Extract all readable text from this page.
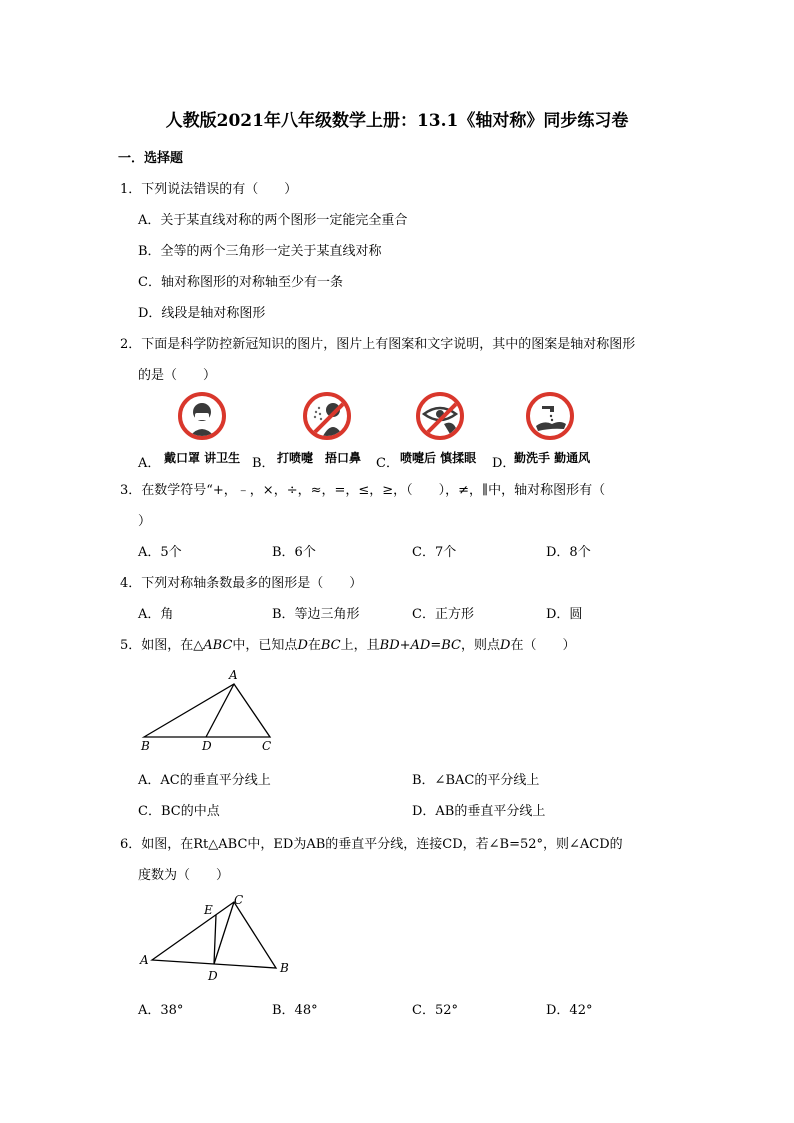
人教版2021年八年级数学上册：13.1《轴对称》同步练习卷
一．选择题
1．下列说法错误的有（　　）
A．关于某直线对称的两个图形一定能完全重合
B．全等的两个三角形一定关于某直线对称
C．轴对称图形的对称轴至少有一条
D．线段是轴对称图形
2．下面是科学防控新冠知识的图片，图片上有图案和文字说明，其中的图案是轴对称图形
的是（　　）
A． 戴口罩 讲卫生 B． 打喷嚏　捂口鼻 C． 喷嚏后 慎揉眼 D．
勤洗手 勤通风
3．在数学符号“+，﹣，×，÷，≈，=，≤，≥，（　　），≠，∥中，轴对称图形有（
）
A．5个	B．6个	C．7个	D．8个
4．下列对称轴条数最多的图形是（　　）
A．角	B．等边三角形	C．正方形	D．圆
5．如图，在△ABC中，已知点D在BC上，且BD+AD=BC，则点D在（　　）
A
B	D	C
A．AC的垂直平分线上	B．∠BAC的平分线上
C．BC的中点	D．AB的垂直平分线上
6．如图，在Rt△ABC中，ED为AB的垂直平分线，连接CD，若∠B=52°，则∠ACD的
度数为（　　）
A
B
C
D
E
A．38°	B．48°	C．52°	D．42°
